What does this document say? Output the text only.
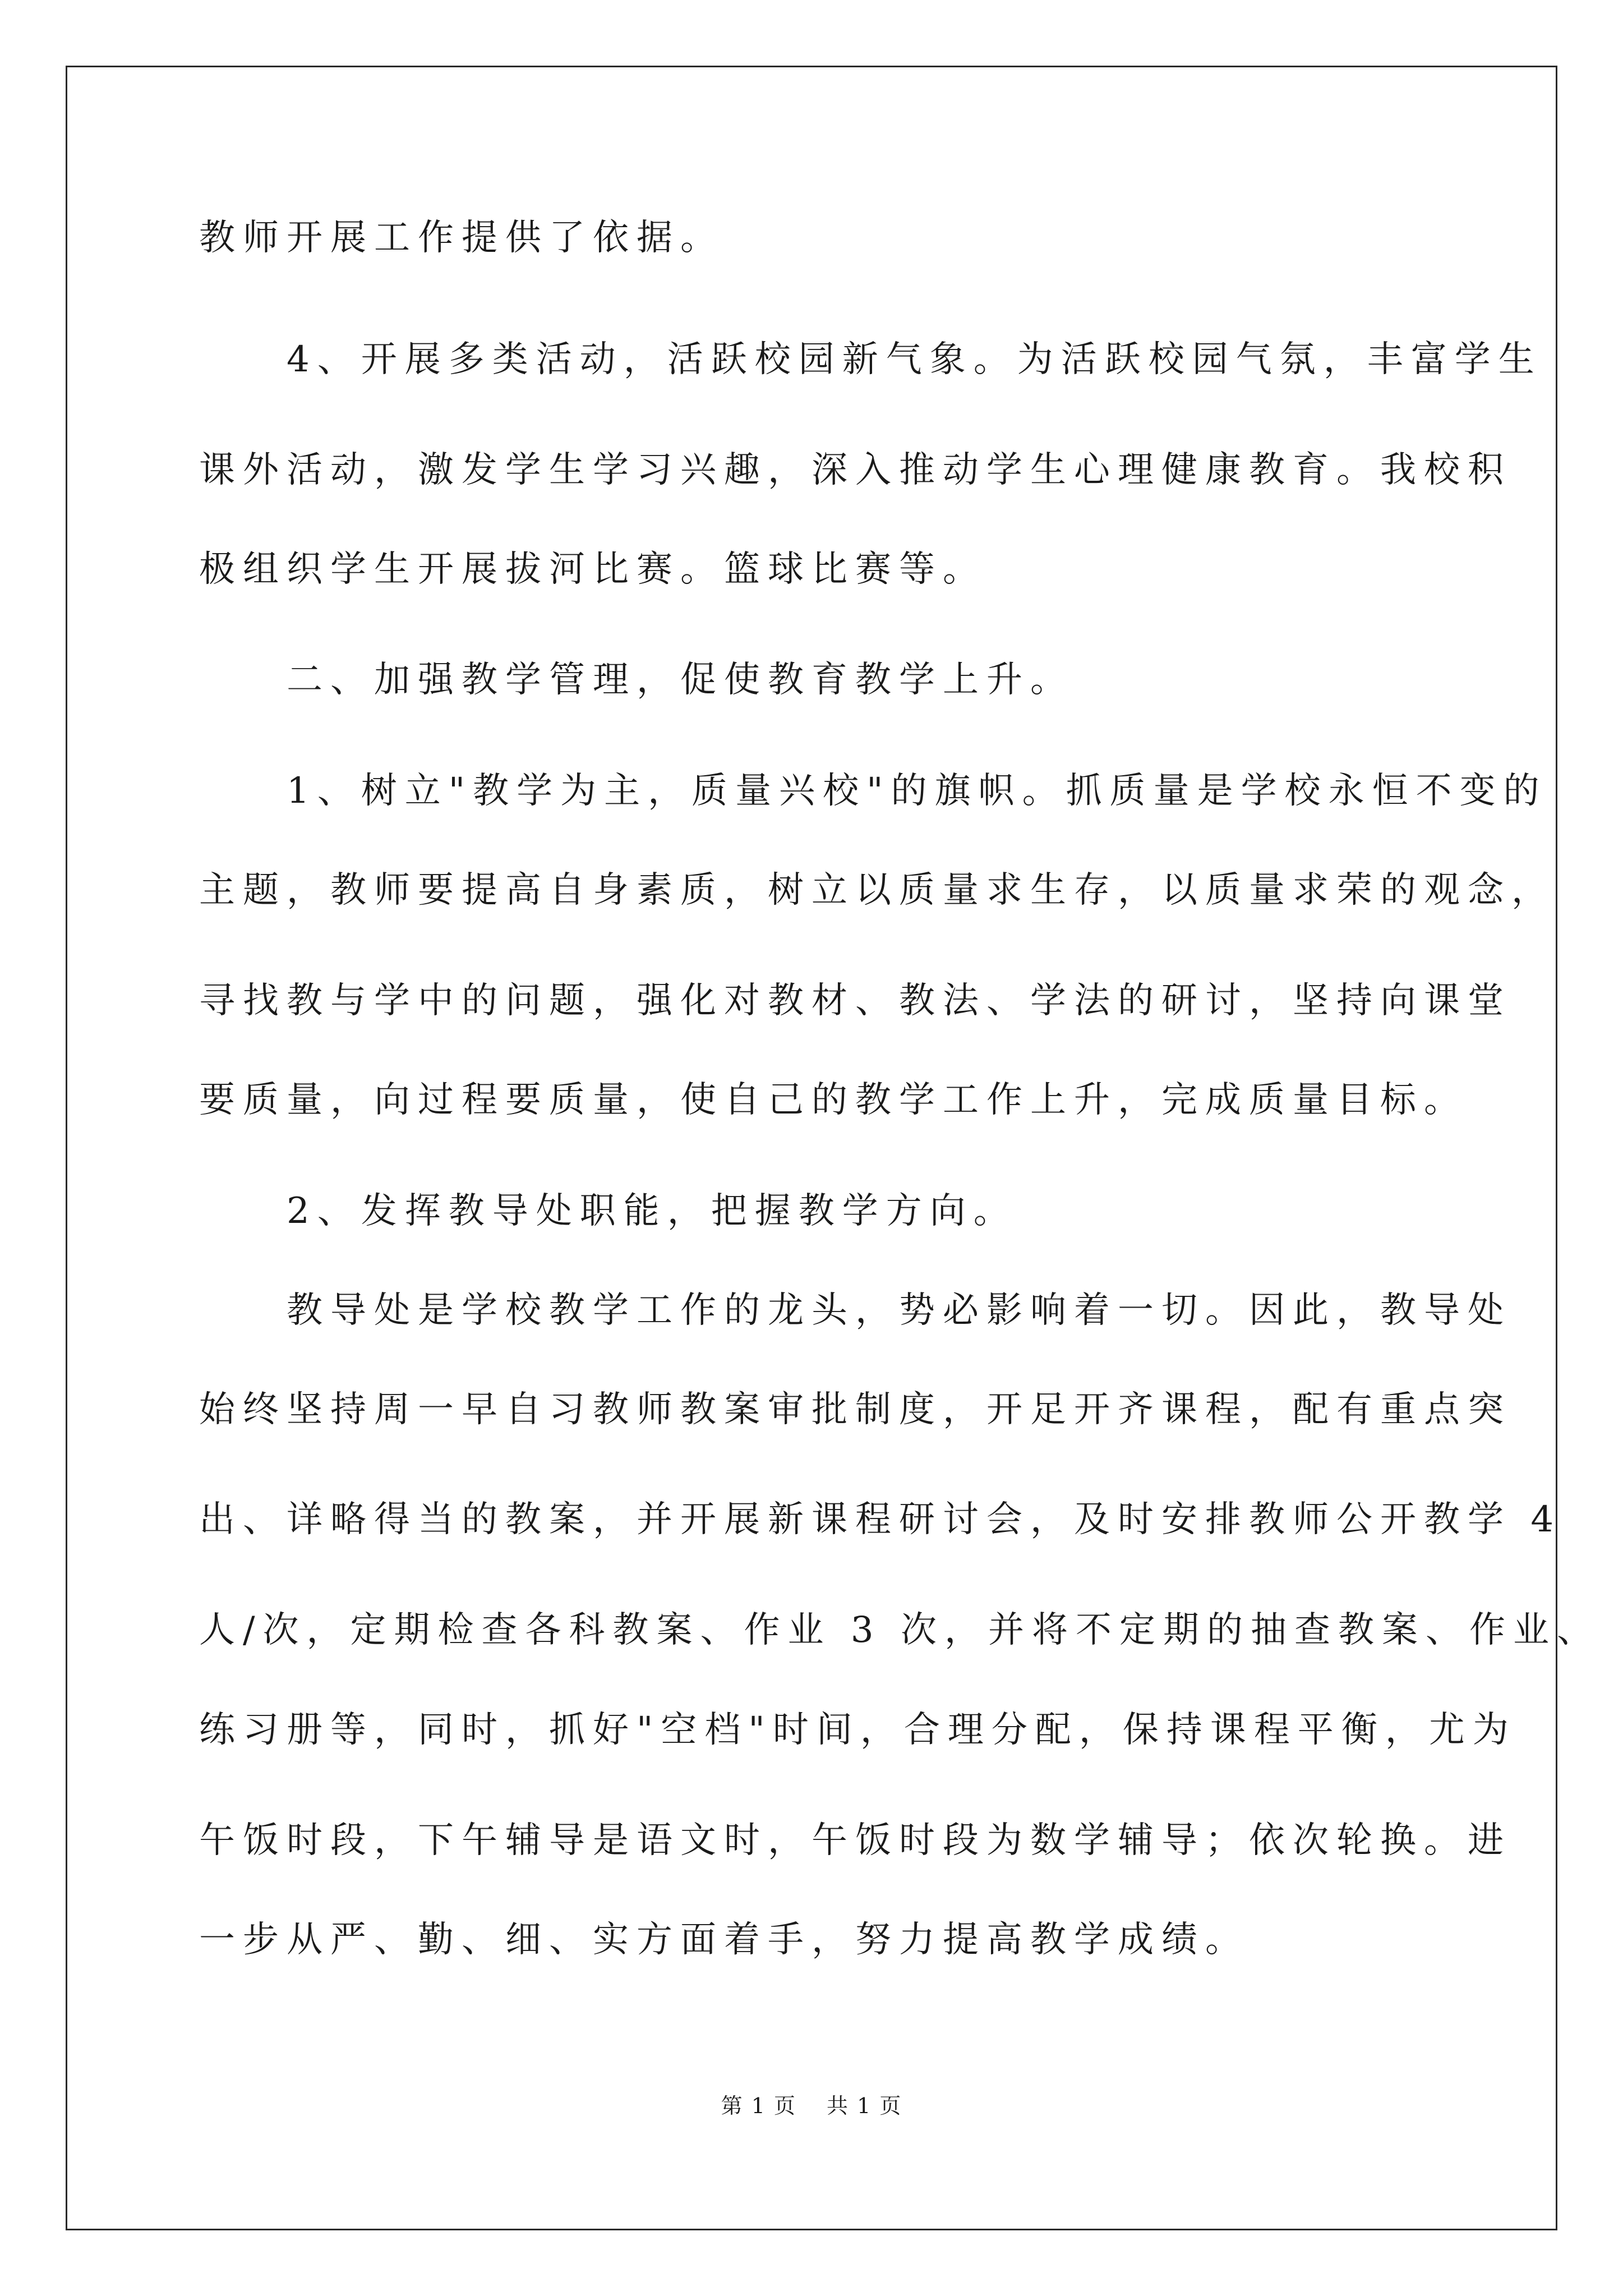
教师开展工作提供了依据。
　　4、开展多类活动，活跃校园新气象。为活跃校园气氛，丰富学生
课外活动，激发学生学习兴趣，深入推动学生心理健康教育。我校积
极组织学生开展拔河比赛。篮球比赛等。
　　二、加强教学管理，促使教育教学上升。
　　1、树立"教学为主，质量兴校"的旗帜。抓质量是学校永恒不变的
主题，教师要提高自身素质，树立以质量求生存，以质量求荣的观念，
寻找教与学中的问题，强化对教材、教法、学法的研讨，坚持向课堂
要质量，向过程要质量，使自己的教学工作上升，完成质量目标。
　　2、发挥教导处职能，把握教学方向。
　　教导处是学校教学工作的龙头，势必影响着一切。因此，教导处
始终坚持周一早自习教师教案审批制度，开足开齐课程，配有重点突
出、详略得当的教案，并开展新课程研讨会，及时安排教师公开教学 4
人/次，定期检查各科教案、作业 3 次，并将不定期的抽查教案、作业、
练习册等，同时，抓好"空档"时间，合理分配，保持课程平衡，尤为
午饭时段，下午辅导是语文时，午饭时段为数学辅导；依次轮换。进
一步从严、勤、细、实方面着手，努力提高教学成绩。
第 1 页　 共 1 页
